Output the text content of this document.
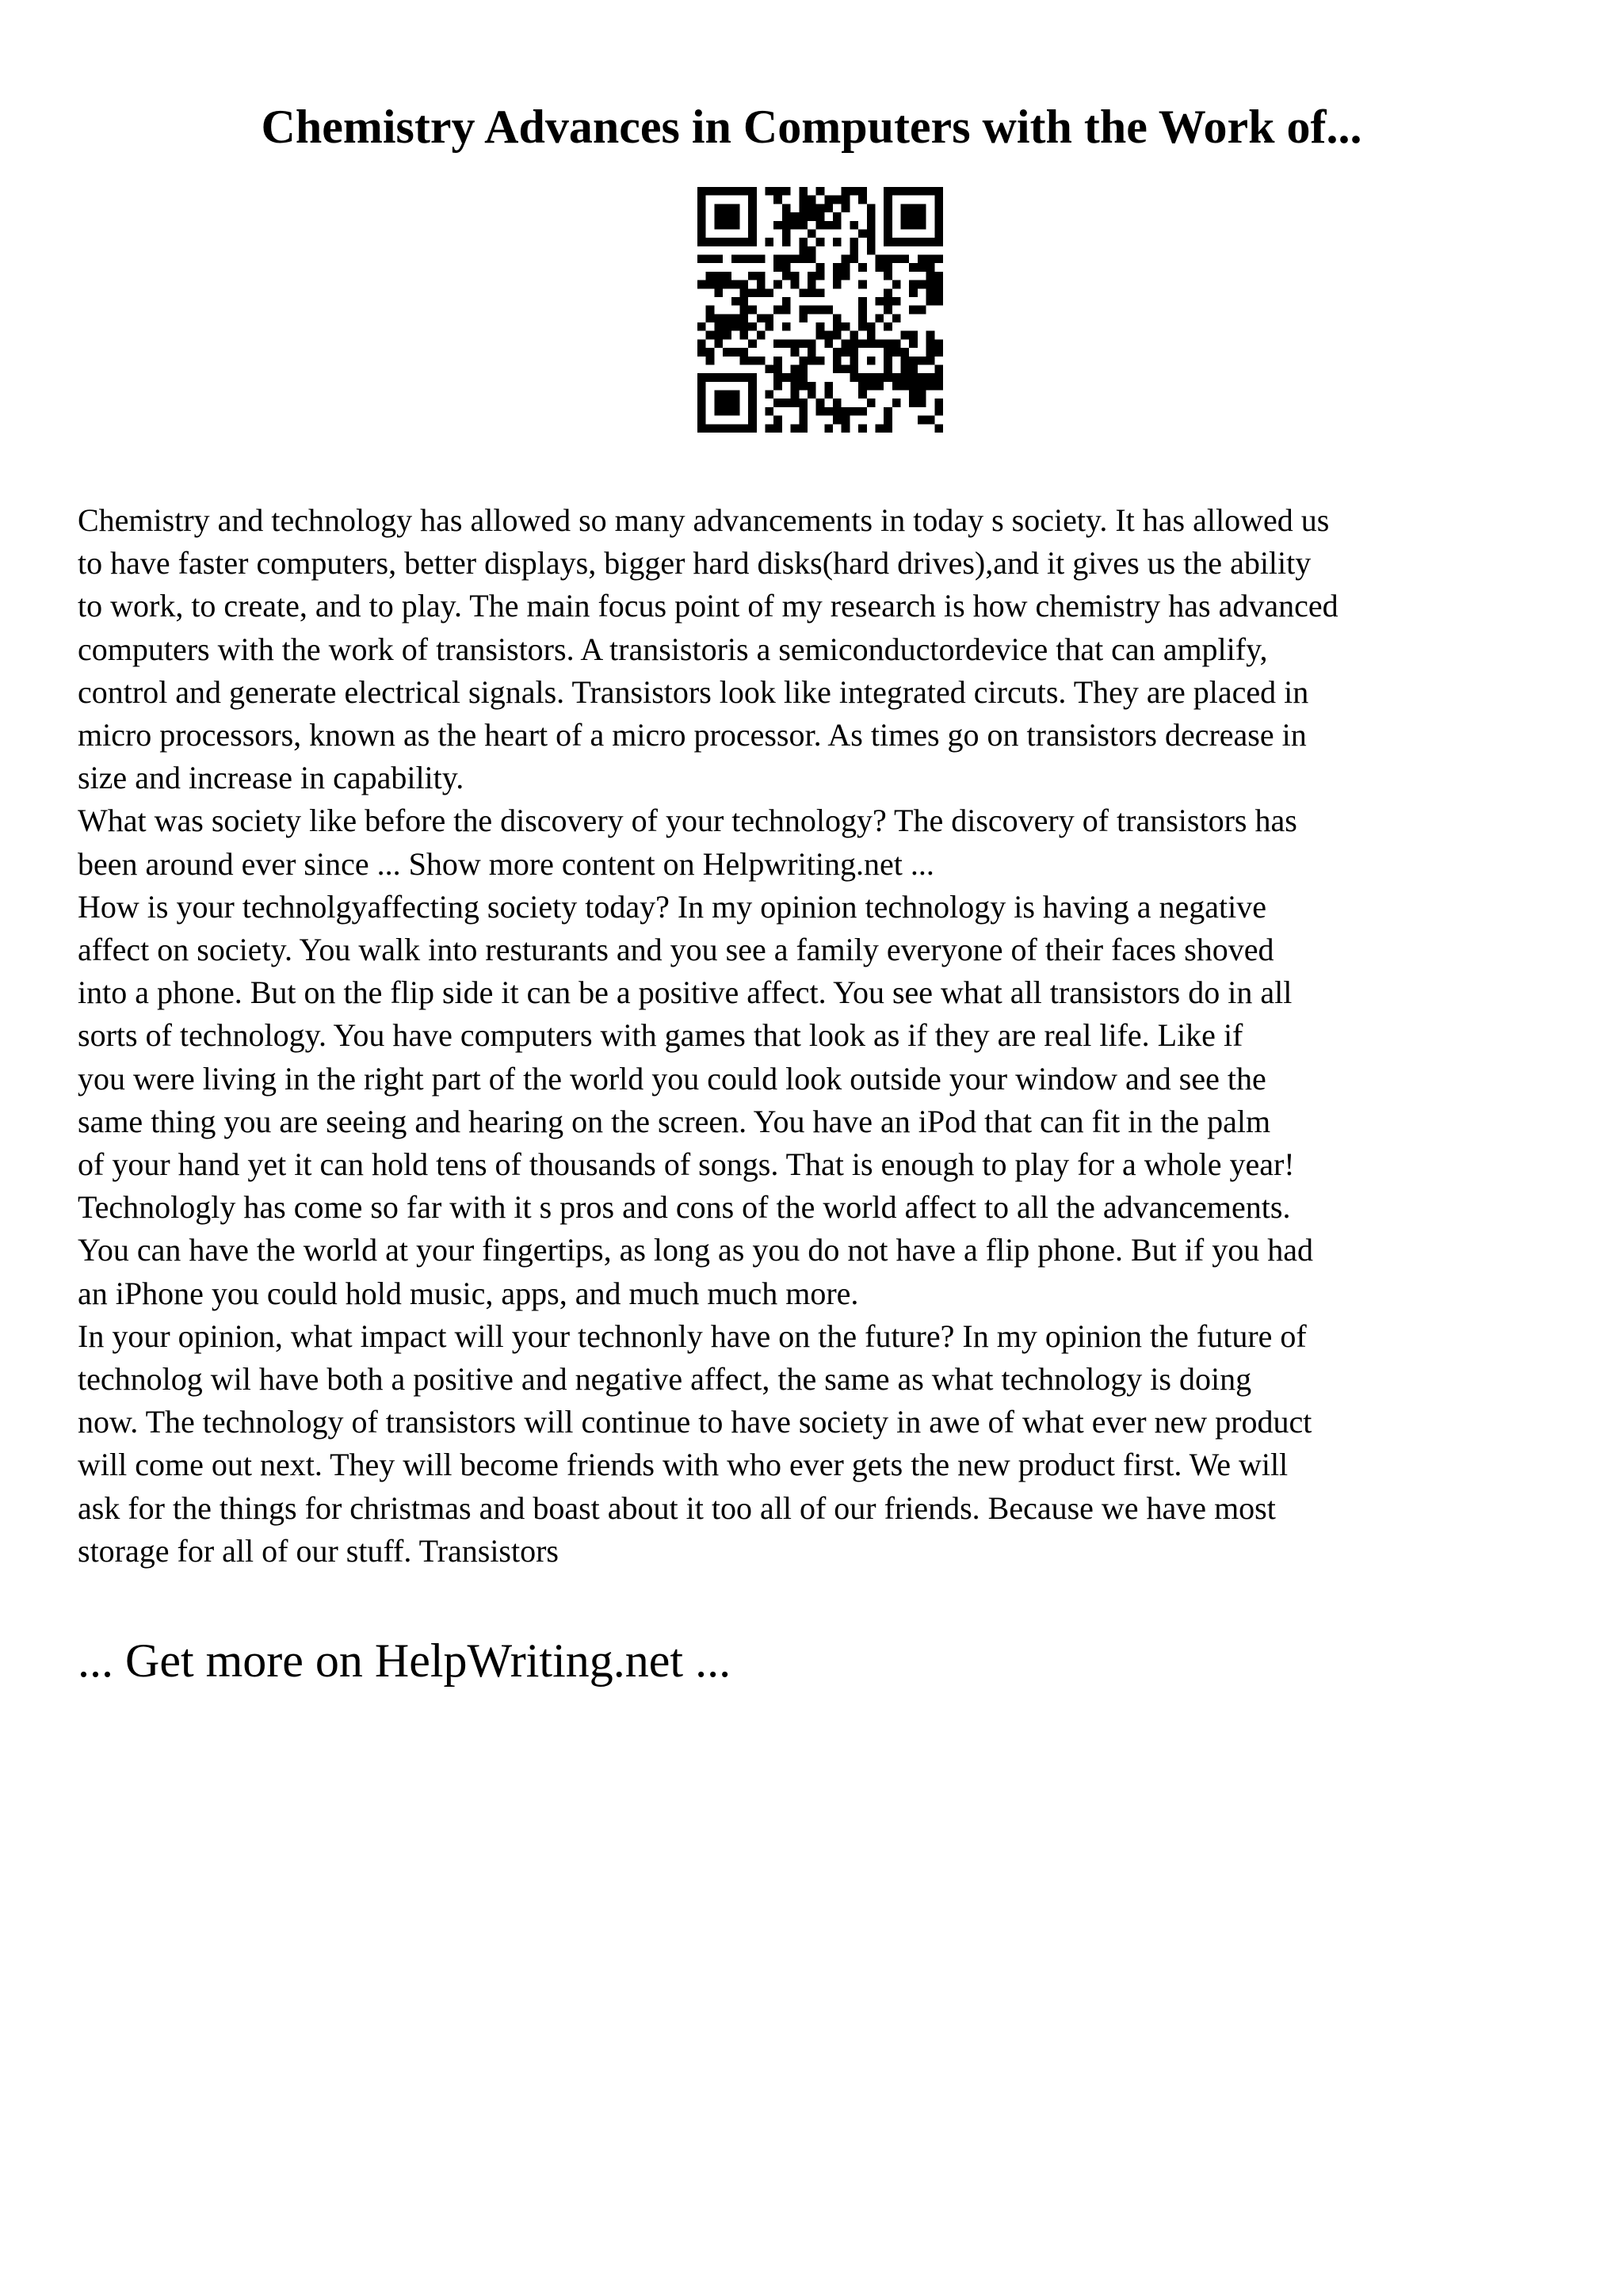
Chemistry Advances in Computers with the Work of...
Chemistry and technology has allowed so many advancements in today s society. It has allowed us
to have faster computers, better displays, bigger hard disks(hard drives),and it gives us the ability
to work, to create, and to play. The main focus point of my research is how chemistry has advanced
computers with the work of transistors. A transistoris a semiconductordevice that can amplify,
control and generate electrical signals. Transistors look like integrated circuts. They are placed in
micro processors, known as the heart of a micro processor. As times go on transistors decrease in
size and increase in capability.
What was society like before the discovery of your technology? The discovery of transistors has
been around ever since ... Show more content on Helpwriting.net ...
How is your technolgyaffecting society today? In my opinion technology is having a negative
affect on society. You walk into resturants and you see a family everyone of their faces shoved
into a phone. But on the flip side it can be a positive affect. You see what all transistors do in all
sorts of technology. You have computers with games that look as if they are real life. Like if
you were living in the right part of the world you could look outside your window and see the
same thing you are seeing and hearing on the screen. You have an iPod that can fit in the palm
of your hand yet it can hold tens of thousands of songs. That is enough to play for a whole year!
Technologly has come so far with it s pros and cons of the world affect to all the advancements.
You can have the world at your fingertips, as long as you do not have a flip phone. But if you had
an iPhone you could hold music, apps, and much much more.
In your opinion, what impact will your technonly have on the future? In my opinion the future of
technolog wil have both a positive and negative affect, the same as what technology is doing
now. The technology of transistors will continue to have society in awe of what ever new product
will come out next. They will become friends with who ever gets the new product first. We will
ask for the things for christmas and boast about it too all of our friends. Because we have most
storage for all of our stuff. Transistors
... Get more on HelpWriting.net ...
